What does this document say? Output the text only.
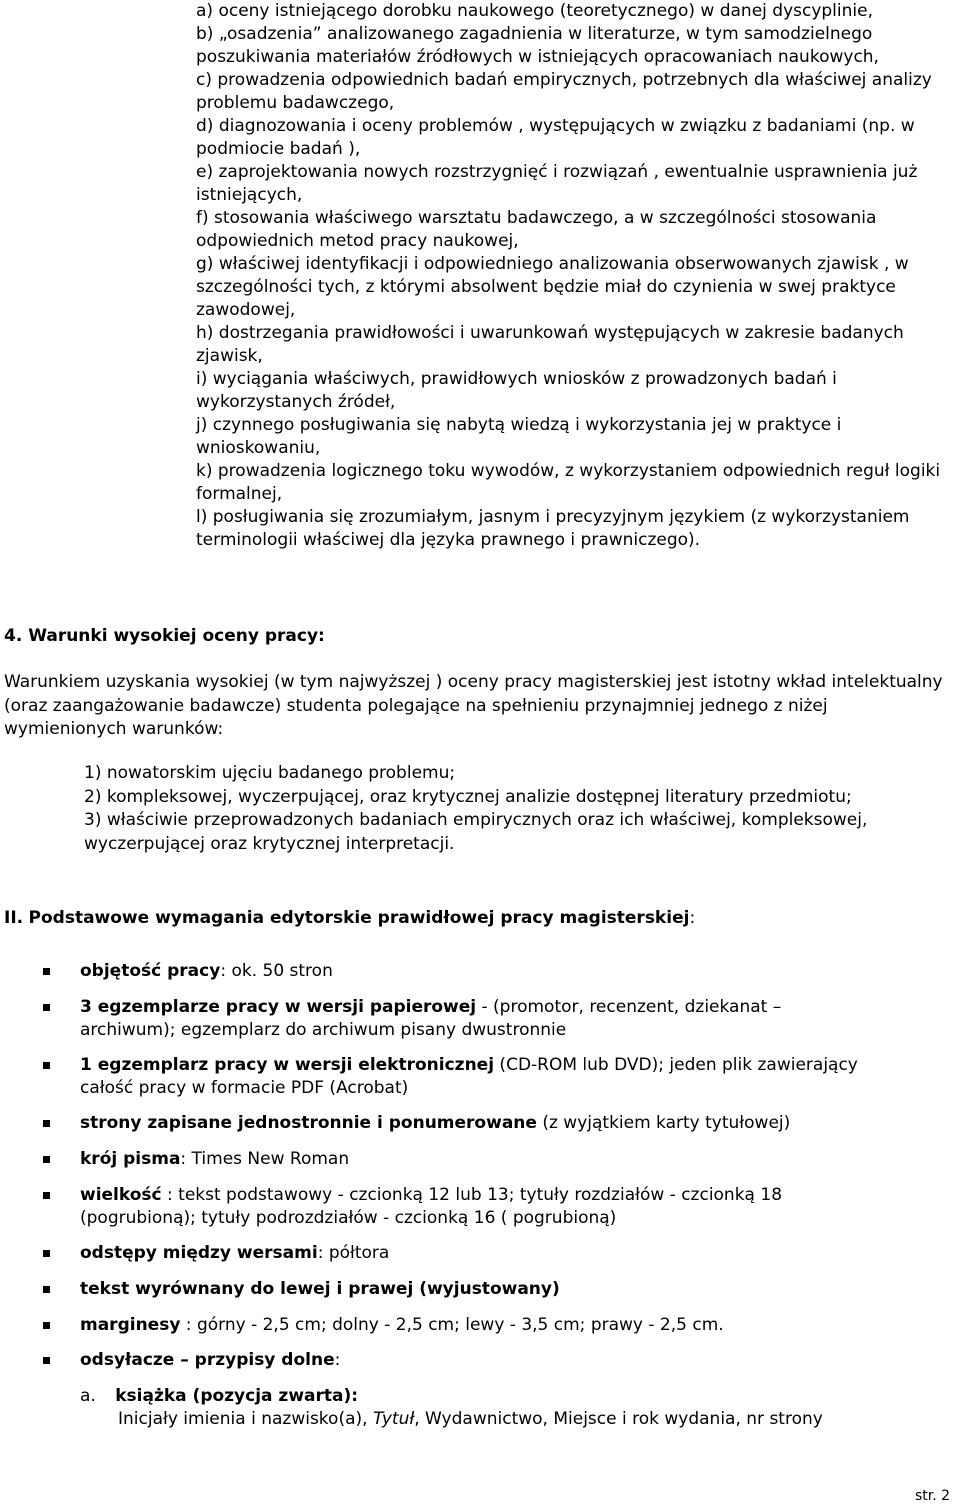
a) oceny istniejącego dorobku naukowego (teoretycznego) w danej dyscyplinie,

b) „osadzenia” analizowanego zagadnienia w literaturze, w tym samodzielnego poszukiwania materiałów źródłowych w istniejących opracowaniach naukowych,

c) prowadzenia odpowiednich badań empirycznych, potrzebnych dla właściwej analizy problemu badawczego,

d) diagnozowania i oceny problemów , występujących w związku z badaniami (np. w podmiocie badań ),

e) zaprojektowania nowych rozstrzygnięć i rozwiązań , ewentualnie usprawnienia już istniejących,

f) stosowania właściwego warsztatu badawczego, a w szczególności stosowania odpowiednich metod pracy naukowej,

g) właściwej identyfikacji i odpowiedniego analizowania obserwowanych zjawisk , w szczególności tych, z którymi absolwent będzie miał do czynienia w swej praktyce zawodowej,

h) dostrzegania prawidłowości i uwarunkowań występujących w zakresie badanych zjawisk,

i) wyciągania właściwych, prawidłowych wniosków z prowadzonych badań i wykorzystanych źródeł,

j) czynnego posługiwania się nabytą wiedzą i wykorzystania jej w praktyce i wnioskowaniu,

k) prowadzenia logicznego toku wywodów, z wykorzystaniem odpowiednich reguł logiki formalnej,

l) posługiwania się zrozumiałym, jasnym i precyzyjnym językiem (z wykorzystaniem terminologii właściwej dla języka prawnego i prawniczego).

4. Warunki wysokiej oceny pracy:
Warunkiem uzyskania wysokiej (w tym najwyższej ) oceny pracy magisterskiej jest istotny wkład intelektualny (oraz zaangażowanie badawcze) studenta polegające na spełnieniu przynajmniej jednego z niżej wymienionych warunków:

1) nowatorskim ujęciu badanego problemu;

2) kompleksowej, wyczerpującej, oraz krytycznej analizie dostępnej literatury przedmiotu;

3) właściwie przeprowadzonych badaniach empirycznych oraz ich właściwej, kompleksowej, wyczerpującej oraz krytycznej interpretacji.

II. Podstawowe wymagania edytorskie prawidłowej pracy magisterskiej:
objętość pracy: ok. 50 stron
3 egzemplarze pracy w wersji papierowej - (promotor, recenzent, dziekanat – archiwum); egzemplarz do archiwum pisany dwustronnie
1 egzemplarz pracy w wersji elektronicznej (CD-ROM lub DVD); jeden plik zawierający całość pracy w formacie PDF (Acrobat)
strony zapisane jednostronnie i ponumerowane (z wyjątkiem karty tytułowej)
krój pisma: Times New Roman
wielkość : tekst podstawowy - czcionką 12 lub 13; tytuły rozdziałów - czcionką 18 (pogrubioną); tytuły podrozdziałów - czcionką 16 ( pogrubioną)
odstępy między wersami: półtora
tekst wyrównany do lewej i prawej (wyjustowany)
marginesy : górny - 2,5 cm; dolny - 2,5 cm; lewy - 3,5 cm; prawy - 2,5 cm.
odsyłacze – przypisy dolne:
a. książka (pozycja zwarta):
Inicjały imienia i nazwisko(a), Tytuł, Wydawnictwo, Miejsce i rok wydania, nr strony
str. 2
